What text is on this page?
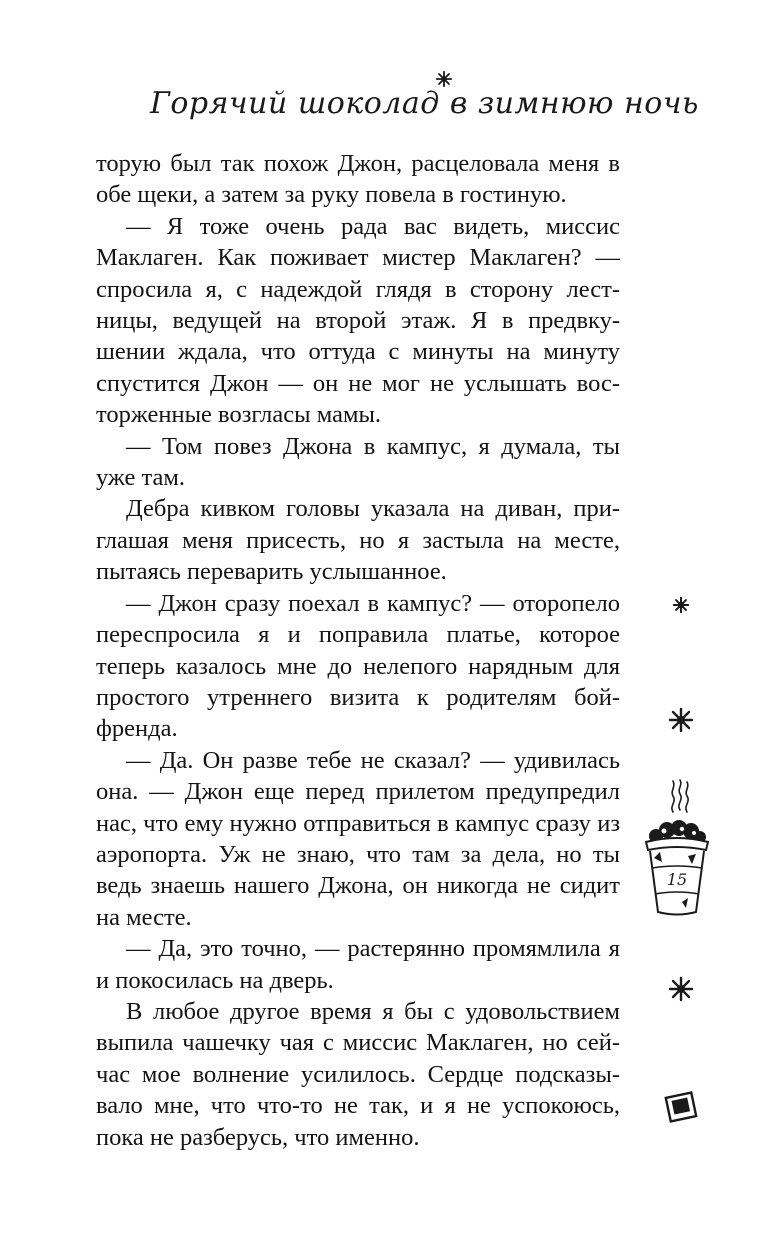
Горячий шоколад в зимнюю ночь

торую был так похож Джон, расцеловала меня в обе щеки, а затем за руку повела в гостиную.

— Я тоже очень рада вас видеть, миссис Маклаген. Как поживает мистер Маклаген? — спросила я, с надеждой глядя в сторону лестницы, ведущей на второй этаж. Я в предвкушении ждала, что оттуда с минуты на минуту спустится Джон — он не мог не услышать восторженные возгласы мамы.

— Том повез Джона в кампус, я думала, ты уже там.

Дебра кивком головы указала на диван, приглашая меня присесть, но я застыла на месте, пытаясь переварить услышанное.

— Джон сразу поехал в кампус? — оторопело переспросила я и поправила платье, которое теперь казалось мне до нелепого нарядным для простого утреннего визита к родителям бойфренда.

— Да. Он разве тебе не сказал? — удивилась она. — Джон еще перед прилетом предупредил нас, что ему нужно отправиться в кампус сразу из аэропорта. Уж не знаю, что там за дела, но ты ведь знаешь нашего Джона, он никогда не сидит на месте.

— Да, это точно, — растерянно промямлила я и покосилась на дверь.

В любое другое время я бы с удовольствием выпила чашечку чая с миссис Маклаген, но сейчас мое волнение усилилось. Сердце подсказывало мне, что что-то не так, и я не успокоюсь, пока не разберусь, что именно.

15
